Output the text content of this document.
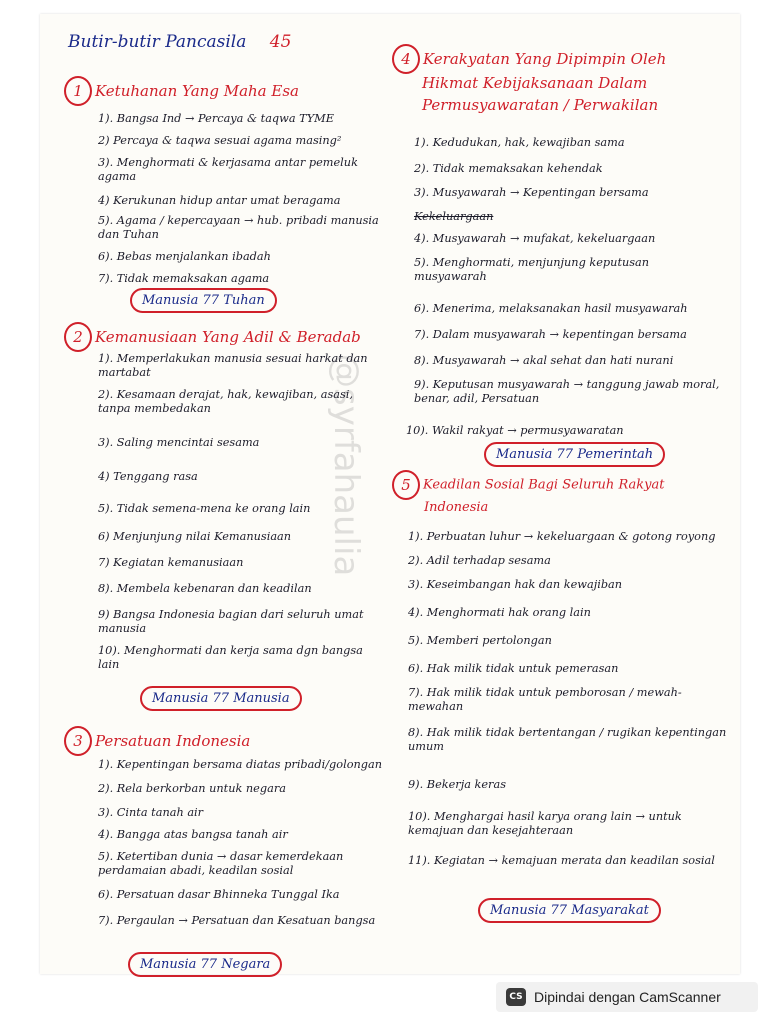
@syrfahaulia
Butir-butir Pancasila 45
1 Ketuhanan Yang Maha Esa
1). Bangsa Ind → Percaya & taqwa TYME
2) Percaya & taqwa sesuai agama masing²
3). Menghormati & kerjasama antar pemeluk agama
4) Kerukunan hidup antar umat beragama
5). Agama / kepercayaan → hub. pribadi manusia dan Tuhan
6). Bebas menjalankan ibadah
7). Tidak memaksakan agama
Manusia 77 Tuhan
2 Kemanusiaan Yang Adil & Beradab
1). Memperlakukan manusia sesuai harkat dan martabat
2). Kesamaan derajat, hak, kewajiban, asasi, tanpa membedakan
3). Saling mencintai sesama
4) Tenggang rasa
5). Tidak semena-mena ke orang lain
6) Menjunjung nilai Kemanusiaan
7) Kegiatan kemanusiaan
8). Membela kebenaran dan keadilan
9) Bangsa Indonesia bagian dari seluruh umat manusia
10). Menghormati dan kerja sama dgn bangsa lain
Manusia 77 Manusia
3 Persatuan Indonesia
1). Kepentingan bersama diatas pribadi/golongan
2). Rela berkorban untuk negara
3). Cinta tanah air
4). Bangga atas bangsa tanah air
5). Ketertiban dunia → dasar kemerdekaan perdamaian abadi, keadilan sosial
6). Persatuan dasar Bhinneka Tunggal Ika
7). Pergaulan → Persatuan dan Kesatuan bangsa
Manusia 77 Negara
4 Kerakyatan Yang Dipimpin Oleh
Hikmat Kebijaksanaan Dalam
Permusyawaratan / Perwakilan
1). Kedudukan, hak, kewajiban sama
2). Tidak memaksakan kehendak
3). Musyawarah → Kepentingan bersama
Kekeluargaan
4). Musyawarah → mufakat, kekeluargaan
5). Menghormati, menjunjung keputusan musyawarah
6). Menerima, melaksanakan hasil musyawarah
7). Dalam musyawarah → kepentingan bersama
8). Musyawarah → akal sehat dan hati nurani
9). Keputusan musyawarah → tanggung jawab moral, benar, adil, Persatuan
10). Wakil rakyat → permusyawaratan
Manusia 77 Pemerintah
5 Keadilan Sosial Bagi Seluruh Rakyat
Indonesia
1). Perbuatan luhur → kekeluargaan & gotong royong
2). Adil terhadap sesama
3). Keseimbangan hak dan kewajiban
4). Menghormati hak orang lain
5). Memberi pertolongan
6). Hak milik tidak untuk pemerasan
7). Hak milik tidak untuk pemborosan / mewah-mewahan
8). Hak milik tidak bertentangan / rugikan kepentingan umum
9). Bekerja keras
10). Menghargai hasil karya orang lain → untuk kemajuan dan kesejahteraan
11). Kegiatan → kemajuan merata dan keadilan sosial
Manusia 77 Masyarakat
CS Dipindai dengan CamScanner
